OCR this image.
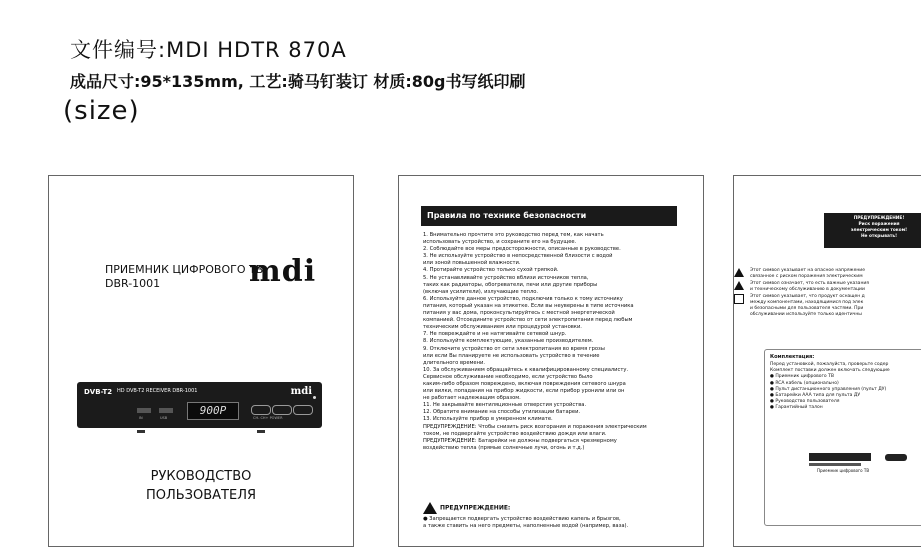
文件编号:MDI HDTR 870A
成品尺寸:95*135mm, 工艺:骑马钉装订 材质:80g书写纸印刷
(size)
ПРИЕМНИК ЦИФРОВОГО ТВ
DBR-1001	mdi
DVB-T2 HD DVB-T2 RECEIVER DBR-1001	mdi
IN	USB
900P
CH- CH+ POWER
РУКОВОДСТВО
ПОЛЬЗОВАТЕЛЯ
Правила по технике безопасности
1. Внимательно прочтите это руководство перед тем, как начать
использовать устройство, и сохраните его на будущее.
2. Соблюдайте все меры предосторожности, описанные в руководстве.
3. Не используйте устройство в непосредственной близости с водой
или зоной повышенной влажности.
4. Протирайте устройство только сухой тряпкой.
5. Не устанавливайте устройство вблизи источников тепла,
таких как радиаторы, обогреватели, печи или другие приборы
(включая усилители), излучающие тепло.
6. Используйте данное устройство, подключив только к тому источнику
питания, который указан на этикетке. Если вы неуверены в типе источника
питания у вас дома, проконсультируйтесь с местной энергетической
компанией. Отсоедините устройство от сети электропитания перед любым
техническим обслуживанием или процедурой установки.
7. Не повреждайте и не натягивайте сетевой шнур.
8. Используйте комплектующие, указанные производителем.
9. Отключите устройство от сети электропитания во время грозы
или если Вы планируете не использовать устройство в течение
длительного времени.
10. За обслуживанием обращайтесь к квалифицированному специалисту.
Сервисное обслуживание необходимо, если устройство было
каким-либо образом повреждено, включая повреждения сетевого шнура
или вилки, попадания на прибор жидкости, если прибор уронили или он
не работает надлежащим образом.
11. Не закрывайте вентиляционные отверстия устройства.
12. Обратите внимание на способы утилизации батареи.
13. Используйте прибор в умеренном климате.
ПРЕДУПРЕЖДЕНИЕ: Чтобы снизить риск возгорания и поражения электрическим
током, не подвергайте устройство воздействию дождя или влаги.
ПРЕДУПРЕЖДЕНИЕ: Батарейки не должны подвергаться чрезмерному
воздействию тепла (прямые солнечные лучи, огонь и т.д.)
ПРЕДУПРЕЖДЕНИЕ:
● Запрещается подвергать устройство воздействию капель и брызгов,
а также ставить на него предметы, наполненные водой (например, ваза).
ПРЕДУПРЕЖДЕНИЕ!
Риск поражения
электрическим током!
Не открывать!
Этот символ указывает на опасное напряжение
связанное с риском поражения электрическим
Этот символ означает, что есть важные указания
и техническому обслуживанию в документации
Этот символ указывает, что продукт оснащен д
между компонентами, находящимися под элек
и безопасными для пользователя частями. При
обслуживании используйте только идентичны
Комплектация:
Перед установкой, пожалуйста, проверьте содер
Комплект поставки должен включать следующие
● Приемник цифрового ТВ
● RCA кабель (опционально)
● Пульт дистанционного управления (пульт ДУ)
● Батарейки AAA типа для пульта ДУ
● Руководство пользователя
● Гарантийный талон
Приемник цифрового ТВ
